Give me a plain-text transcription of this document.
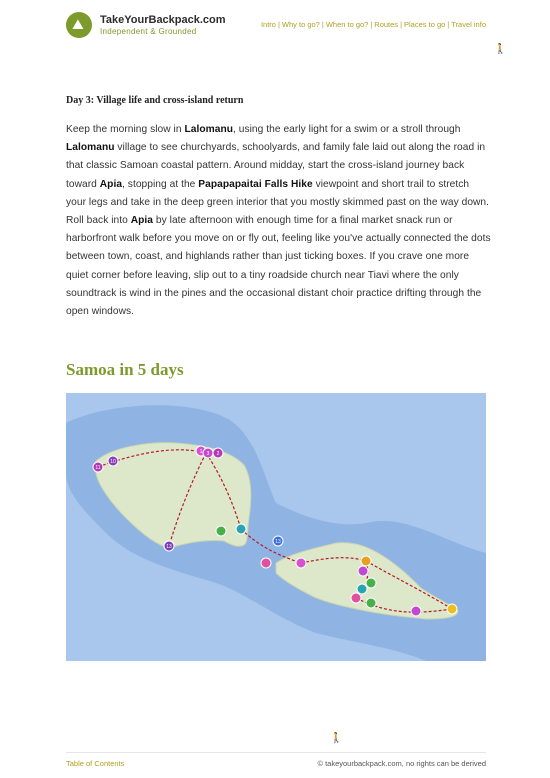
⛰ TakeYourBackpack.com
Independent & Grounded
Intro | Why to go? | When to go? | Routes | Places to go | Travel info
🚶
Day 3: Village life and cross-island return
Keep the morning slow in Lalomanu, using the early light for a swim or a stroll through Lalomanu village to see churchyards, schoolyards, and family fale laid out along the road in that classic Samoan coastal pattern. Around midday, start the cross-island journey back toward Apia, stopping at the Papapapaitai Falls Hike viewpoint and short trail to stretch your legs and take in the deep green interior that you mostly skimmed past on the way down. Roll back into Apia by late afternoon with enough time for a final market snack run or harborfront walk before you move on or fly out, feeling like you've actually connected the dots between town, coast, and highlands rather than just ticking boxes. If you crave one more quiet corner before leaving, slip out to a tiny roadside church near Tiavi where the only soundtrack is wind in the pines and the occasional distant choir practice drifting through the open windows.
Samoa in 5 days
11
10
1 3 2
13
13
🚶
Table of Contents	© takeyourbackpack.com, no rights can be derived
